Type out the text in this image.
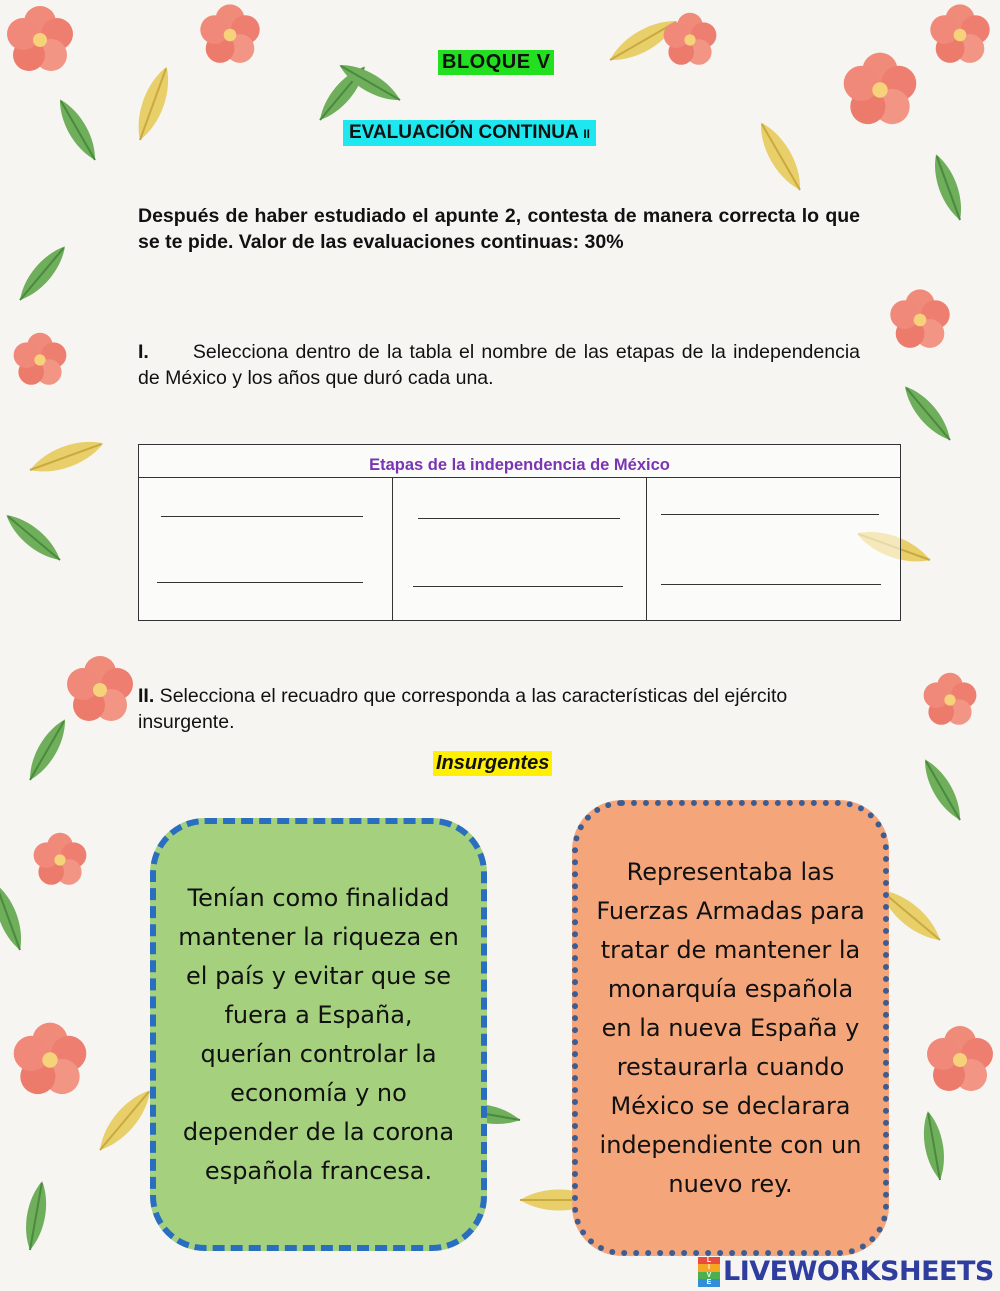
BLOQUE V
EVALUACIÓN CONTINUA II
Después de haber estudiado el apunte 2, contesta de manera correcta lo que se te pide. Valor de las evaluaciones continuas: 30%
I. Selecciona dentro de la tabla el nombre de las etapas de la independencia de México y los años que duró cada una.
Etapas de la independencia de México
II. Selecciona el recuadro que corresponda a las características del ejército insurgente.
Insurgentes
Tenían como finalidad mantener la riqueza en el país y evitar que se fuera a España, querían controlar la economía y no depender de la corona española francesa.
Representaba las Fuerzas Armadas para tratar de mantener la monarquía española en la nueva España y restaurarla cuando México se declarara independiente con un nuevo rey.
L
I
V
E LIVEWORKSHEETS
